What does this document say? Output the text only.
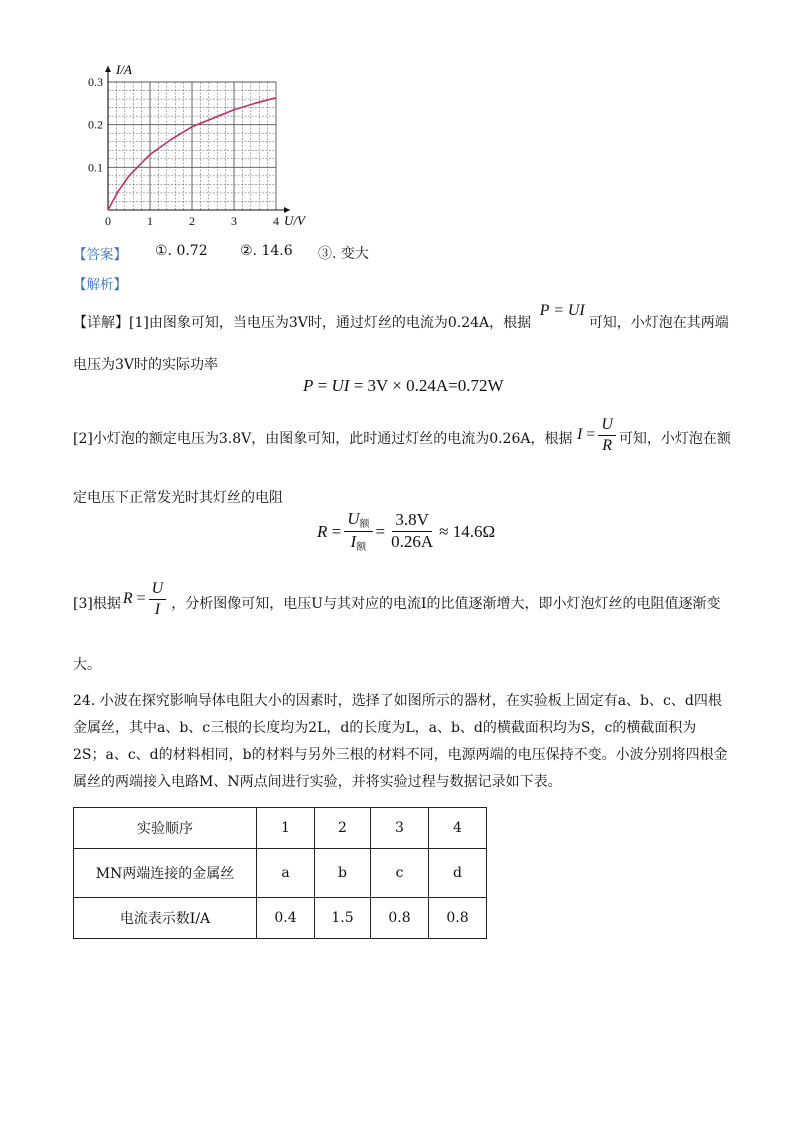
0	1	2	3	4
0.1
0.2
0.3
I/A
U/V
【答案】 ①. 0.72 ②. 14.6 ③. 变大
【解析】
【详解】[1]由图象可知，当电压为3V时，通过灯丝的电流为0.24A，根据 P = UI可知，小灯泡在其两端
电压为3V时的实际功率
P = UI = 3V × 0.24A=0.72W
[2]小灯泡的额定电压为3.8V，由图象可知，此时通过灯丝的电流为0.26A，根据 $I = \frac{U}{R}$ 可知，小灯泡在额
定电压下正常发光时其灯丝的电阻
$R = \frac{U_额}{I_额} = \frac{3.8V}{0.26A} \approx 14.6\Omega$
[3]根据 $R = \frac{U}{I}$ ，分析图像可知，电压U与其对应的电流I的比值逐渐增大，即小灯泡灯丝的电阻值逐渐变
大。
24. 小波在探究影响导体电阻大小的因素时，选择了如图所示的器材，在实验板上固定有a、b、c、d四根
金属丝，其中a、b、c三根的长度均为2L，d的长度为L，a、b、d的横截面积均为S，c的横截面积为
2S；a、c、d的材料相同，b的材料与另外三根的材料不同，电源两端的电压保持不变。小波分别将四根金
属丝的两端接入电路M、N两点间进行实验，并将实验过程与数据记录如下表。
实验顺序	1	2	3	4
MN两端连接的金属丝	a	b	c	d
电流表示数I/A	0.4	1.5	0.8	0.8
